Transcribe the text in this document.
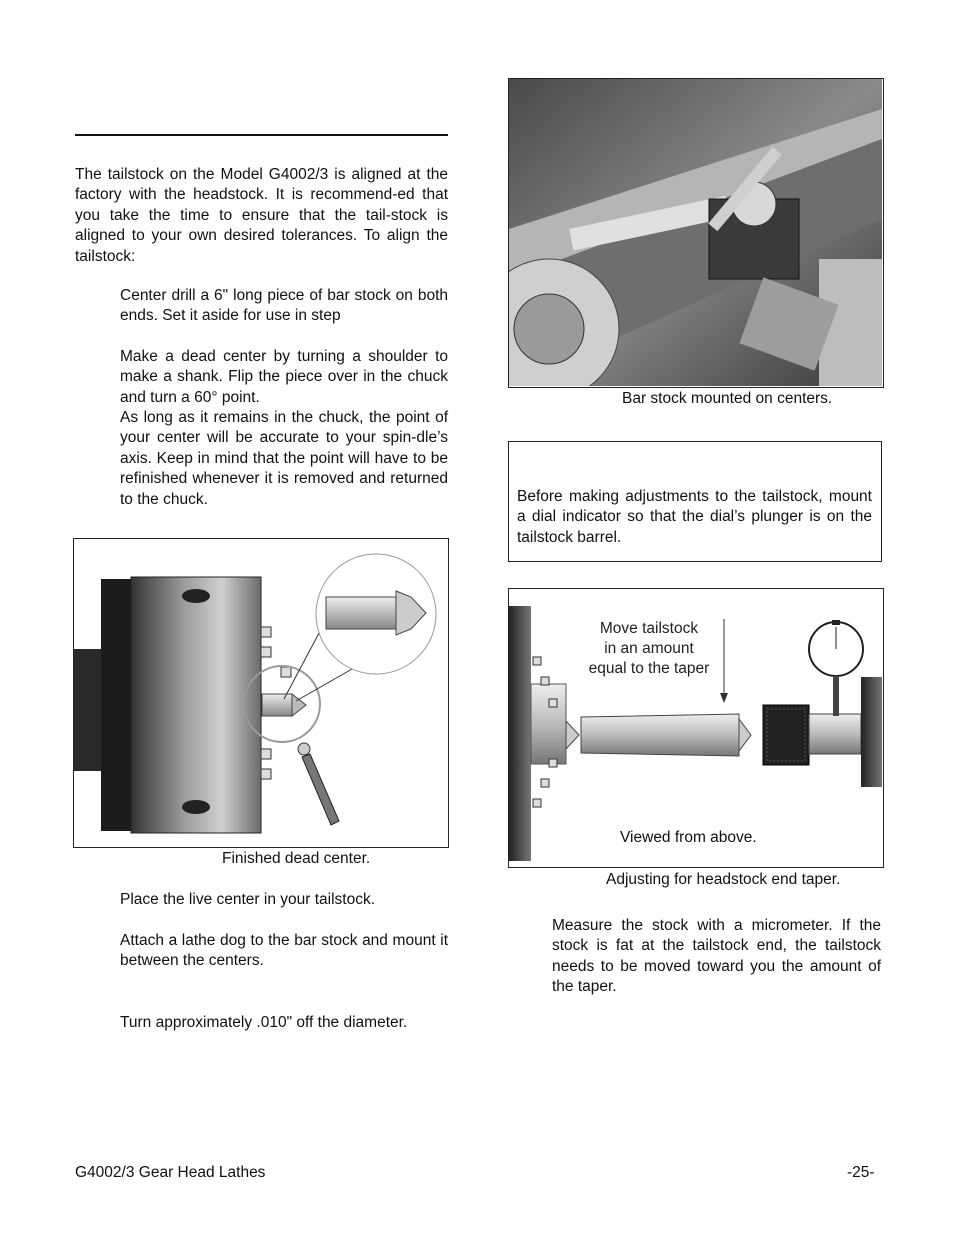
The tailstock on the Model G4002/3 is aligned at the factory with the headstock. It is recommend-ed that you take the time to ensure that the tail-stock is aligned to your own desired tolerances. To align the tailstock:
Center drill a 6" long piece of bar stock on both ends. Set it aside for use in step
Make a dead center by turning a shoulder to make a shank. Flip the piece over in the chuck and turn a 60° point.
As long as it remains in the chuck, the point of your center will be accurate to your spin-dle’s axis. Keep in mind that the point will have to be refinished whenever it is removed and returned to the chuck.
Finished dead center.
Place the live center in your tailstock.
Attach a lathe dog to the bar stock and mount it between the centers.
Turn approximately .010" off the diameter.
Bar stock mounted on centers.
Before making adjustments to the tailstock, mount a dial indicator so that the dial’s plunger is on the tailstock barrel.
Move tailstock
in an amount
equal to the taper
Viewed from above.
Adjusting for headstock end taper.
Measure the stock with a micrometer. If the stock is fat at the tailstock end, the tailstock needs to be moved toward you the amount of the taper.
G4002/3 Gear Head Lathes	-25-
